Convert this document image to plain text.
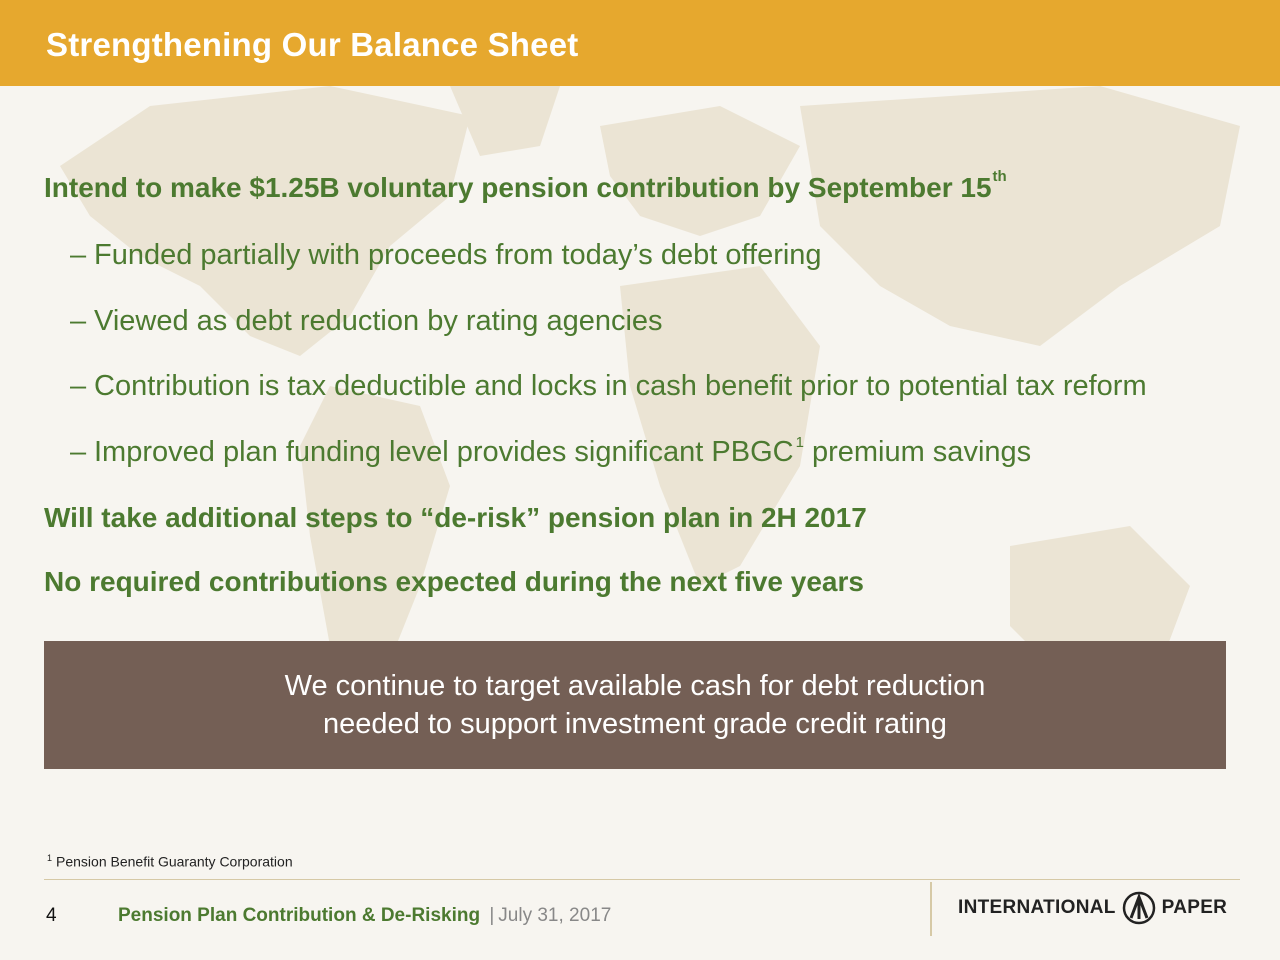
Strengthening Our Balance Sheet
Intend to make $1.25B voluntary pension contribution by September 15th
– Funded partially with proceeds from today’s debt offering
– Viewed as debt reduction by rating agencies
– Contribution is tax deductible and locks in cash benefit prior to potential tax reform
– Improved plan funding level provides significant PBGC $^1$ premium savings
Will take additional steps to “de-risk” pension plan in 2H 2017
No required contributions expected during the next five years
We continue to target available cash for debt reduction
needed to support investment grade credit rating
$^1$ Pension Benefit Guaranty Corporation
4	Pension Plan Contribution & De-Risking | July 31, 2017	INTERNATIONAL PAPER
